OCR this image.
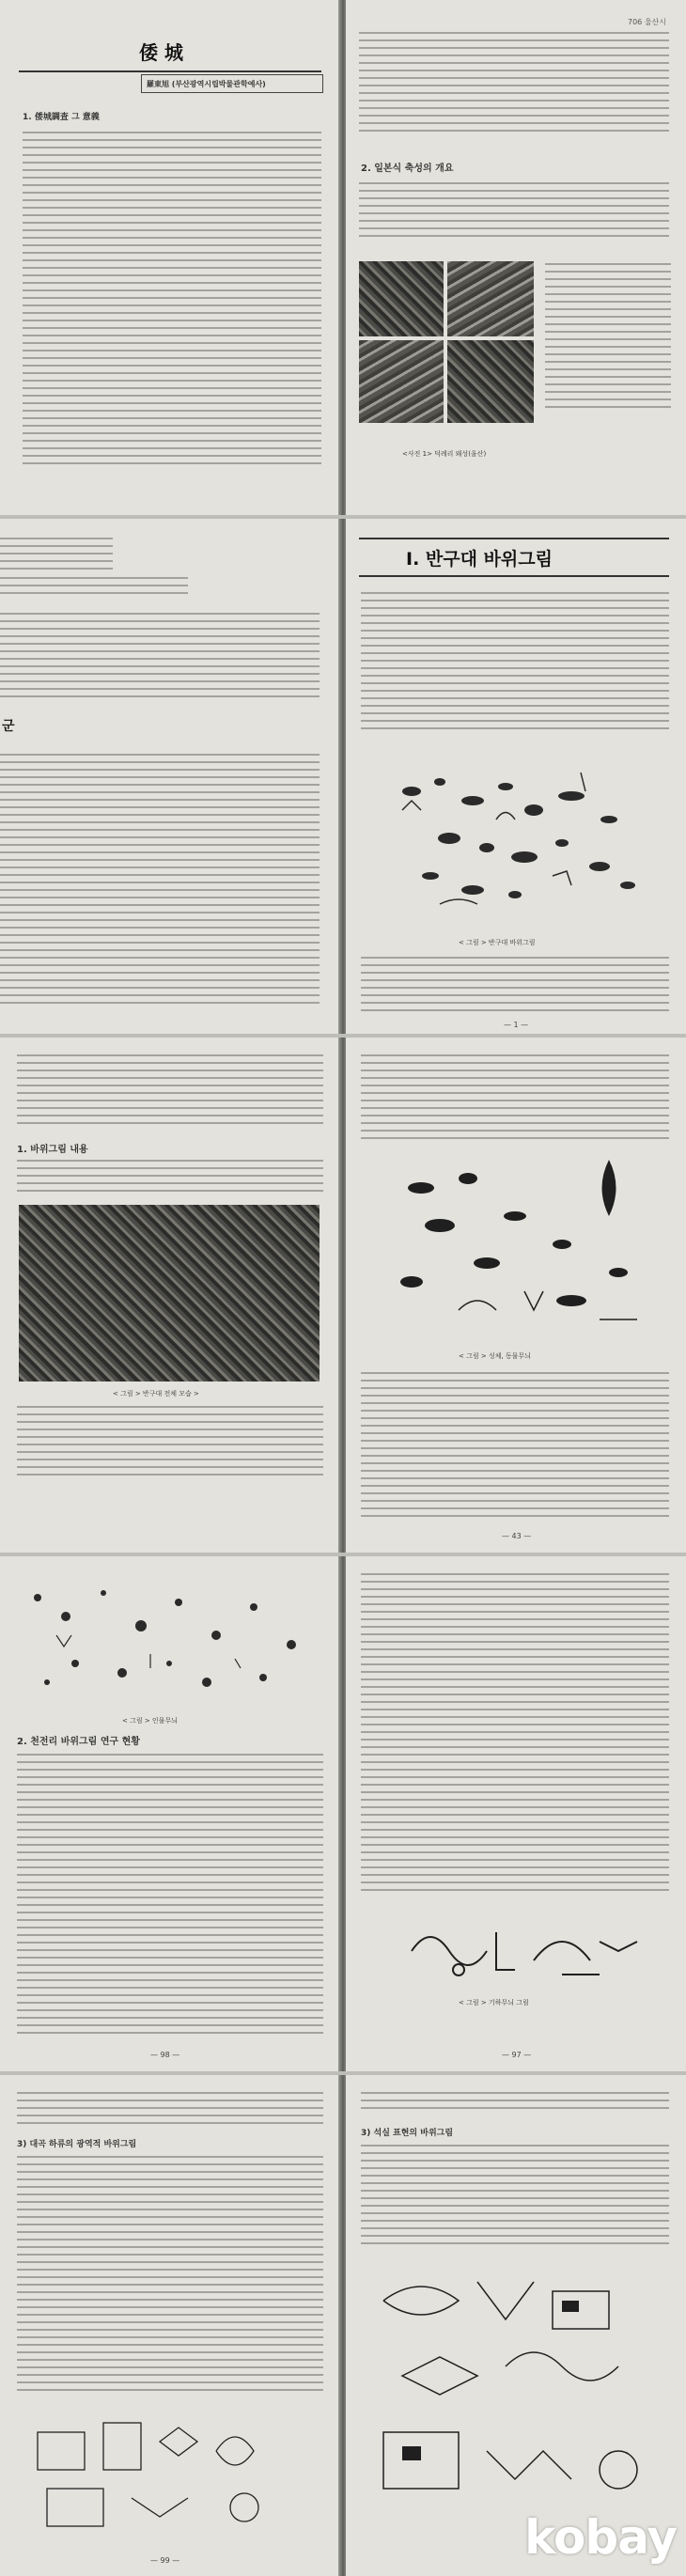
倭 城
羅東旭 (부산광역시립박물관학예사)
1. 倭城調査 그 意義
706 울산시
2. 일본식 축성의 개요
<사진 1> 덕례리 왜성(울산)
군
Ⅰ. 반구대 바위그림
< 그림 > 반구대 바위그림
— 1 —
1. 바위그림 내용
< 그림 > 반구대 전체 모습 >
< 그림 > 성체, 동물무늬
— 43 —
< 그림 > 인물무늬
2. 천전리 바위그림 연구 현황
— 98 —
< 그림 > 기하무늬 그림
— 97 —
3) 대곡 하류의 광역적 바위그림
— 99 —
3) 석실 표현의 바위그림
kobay
